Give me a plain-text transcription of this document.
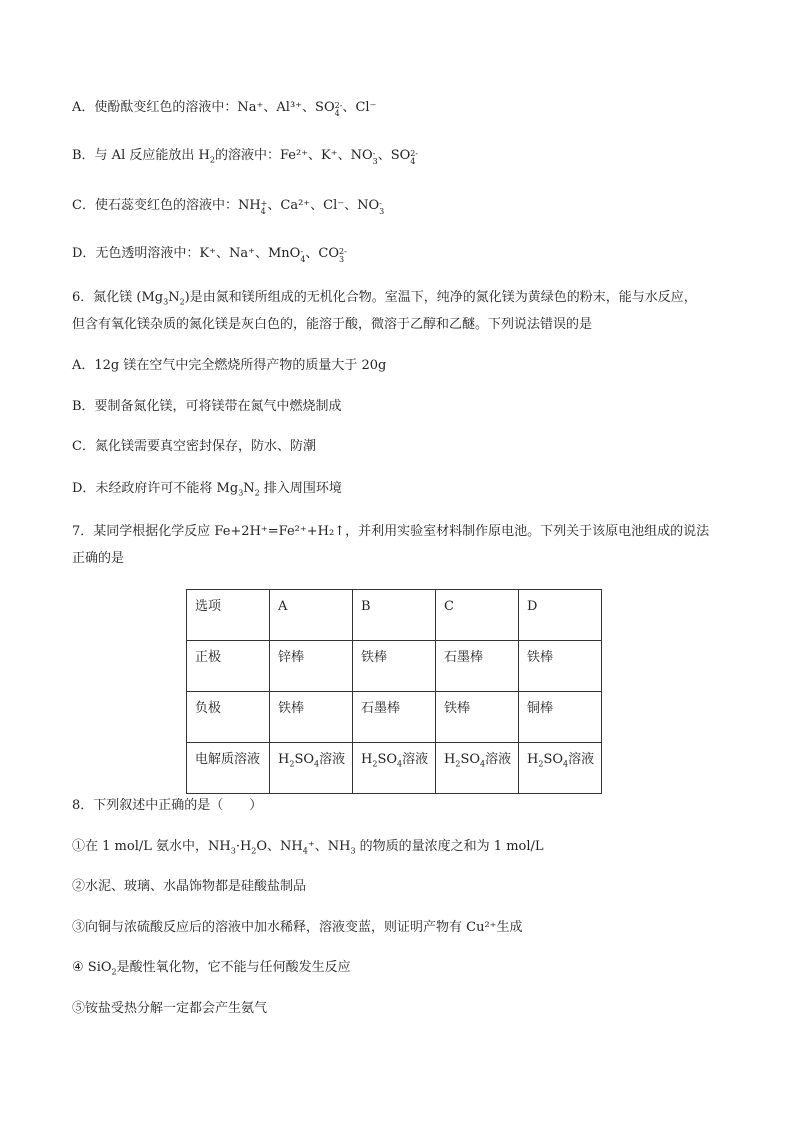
A．使酚酞变红色的溶液中：Na⁺、Al³⁺、SO 2-
4 、Cl⁻
B．与 Al 反应能放出 $H_2$的溶液中：Fe²⁺、K⁺、NO -
3 、SO 2-
4
C．使石蕊变红色的溶液中：NH +
4 、Ca²⁺、Cl⁻、NO -
3
D．无色透明溶液中：K⁺、Na⁺、MnO -
4 、CO 2-
3
6．氮化镁 $(Mg_3N_2)$是由氮和镁所组成的无机化合物。室温下，纯净的氮化镁为黄绿色的粉末，能与水反应，
但含有氧化镁杂质的氮化镁是灰白色的，能溶于酸，微溶于乙醇和乙醚。下列说法错误的是
A．12g 镁在空气中完全燃烧所得产物的质量大于 20g
B．要制备氮化镁，可将镁带在氮气中燃烧制成
C．氮化镁需要真空密封保存，防水、防潮
D．未经政府许可不能将 $Mg_3N_2$ 排入周围环境
7．某同学根据化学反应 Fe+2H⁺=Fe²⁺+H₂↑，并利用实验室材料制作原电池。下列关于该原电池组成的说法
正确的是
选项	A	B	C	D

正极	锌棒	铁棒	石墨棒	铁棒

负极	铁棒	石墨棒	铁棒	铜棒

电解质溶液	$H_2SO_4$溶液	$H_2SO_4$溶液	$H_2SO_4$溶液	$H_2SO_4$溶液
8．下列叙述中正确的是（　　）
①在 1 mol/L 氨水中，$NH_3\cdot H_2O$、$NH_4^+$、$NH_3$ 的物质的量浓度之和为 1 mol/L
②水泥、玻璃、水晶饰物都是硅酸盐制品
③向铜与浓硫酸反应后的溶液中加水稀释，溶液变蓝，则证明产物有 Cu²⁺生成
④ SiO$_2$是酸性氧化物，它不能与任何酸发生反应
⑤铵盐受热分解一定都会产生氨气
